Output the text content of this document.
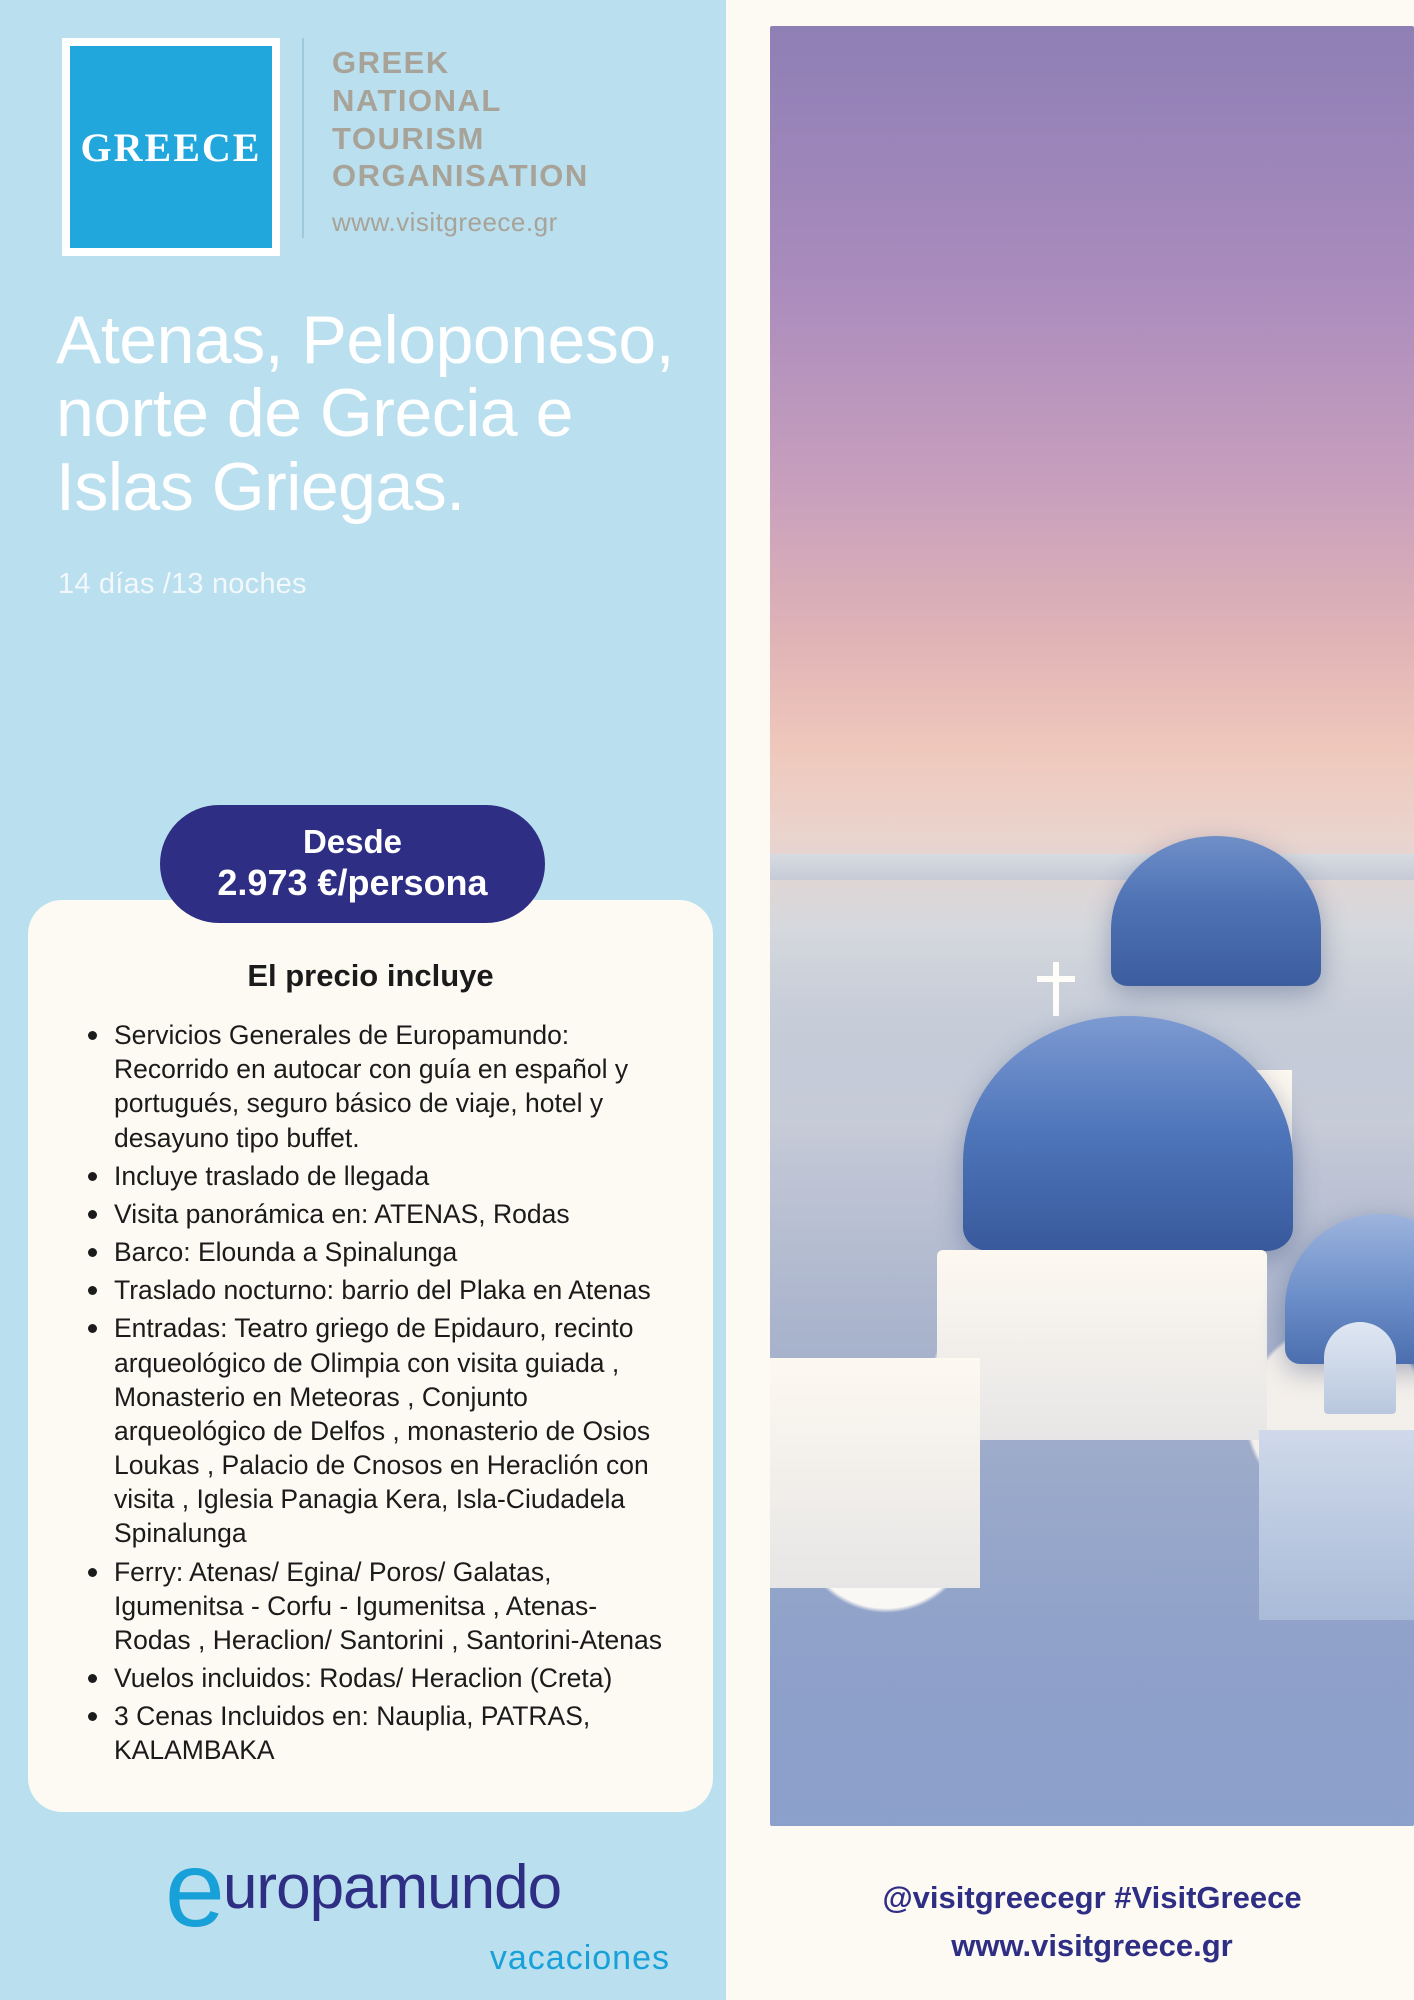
GREECE
GREEK
NATIONAL
TOURISM
ORGANISATION
www.visitgreece.gr
Atenas, Peloponeso, norte de Grecia e Islas Griegas.
14 días /13 noches
Desde
2.973 €/persona
El precio incluye
Servicios Generales de Europamundo: Recorrido en autocar con guía en español y portugués, seguro básico de viaje, hotel y desayuno tipo buffet.
Incluye traslado de llegada
Visita panorámica en: ATENAS, Rodas
Barco: Elounda a Spinalunga
Traslado nocturno: barrio del Plaka en Atenas
Entradas: Teatro griego de Epidauro, recinto arqueológico de Olimpia con visita guiada , Monasterio en Meteoras , Conjunto arqueológico de Delfos , monasterio de Osios Loukas , Palacio de Cnosos en Heraclión con visita , Iglesia Panagia Kera, Isla-Ciudadela Spinalunga
Ferry: Atenas/ Egina/ Poros/ Galatas, Igumenitsa - Corfu - Igumenitsa , Atenas- Rodas , Heraclion/ Santorini , Santorini-Atenas
Vuelos incluidos: Rodas/ Heraclion (Creta)
3 Cenas Incluidos en: Nauplia, PATRAS, KALAMBAKA
e uropamundo
vacaciones
@visitgreecegr #VisitGreece
www.visitgreece.gr
